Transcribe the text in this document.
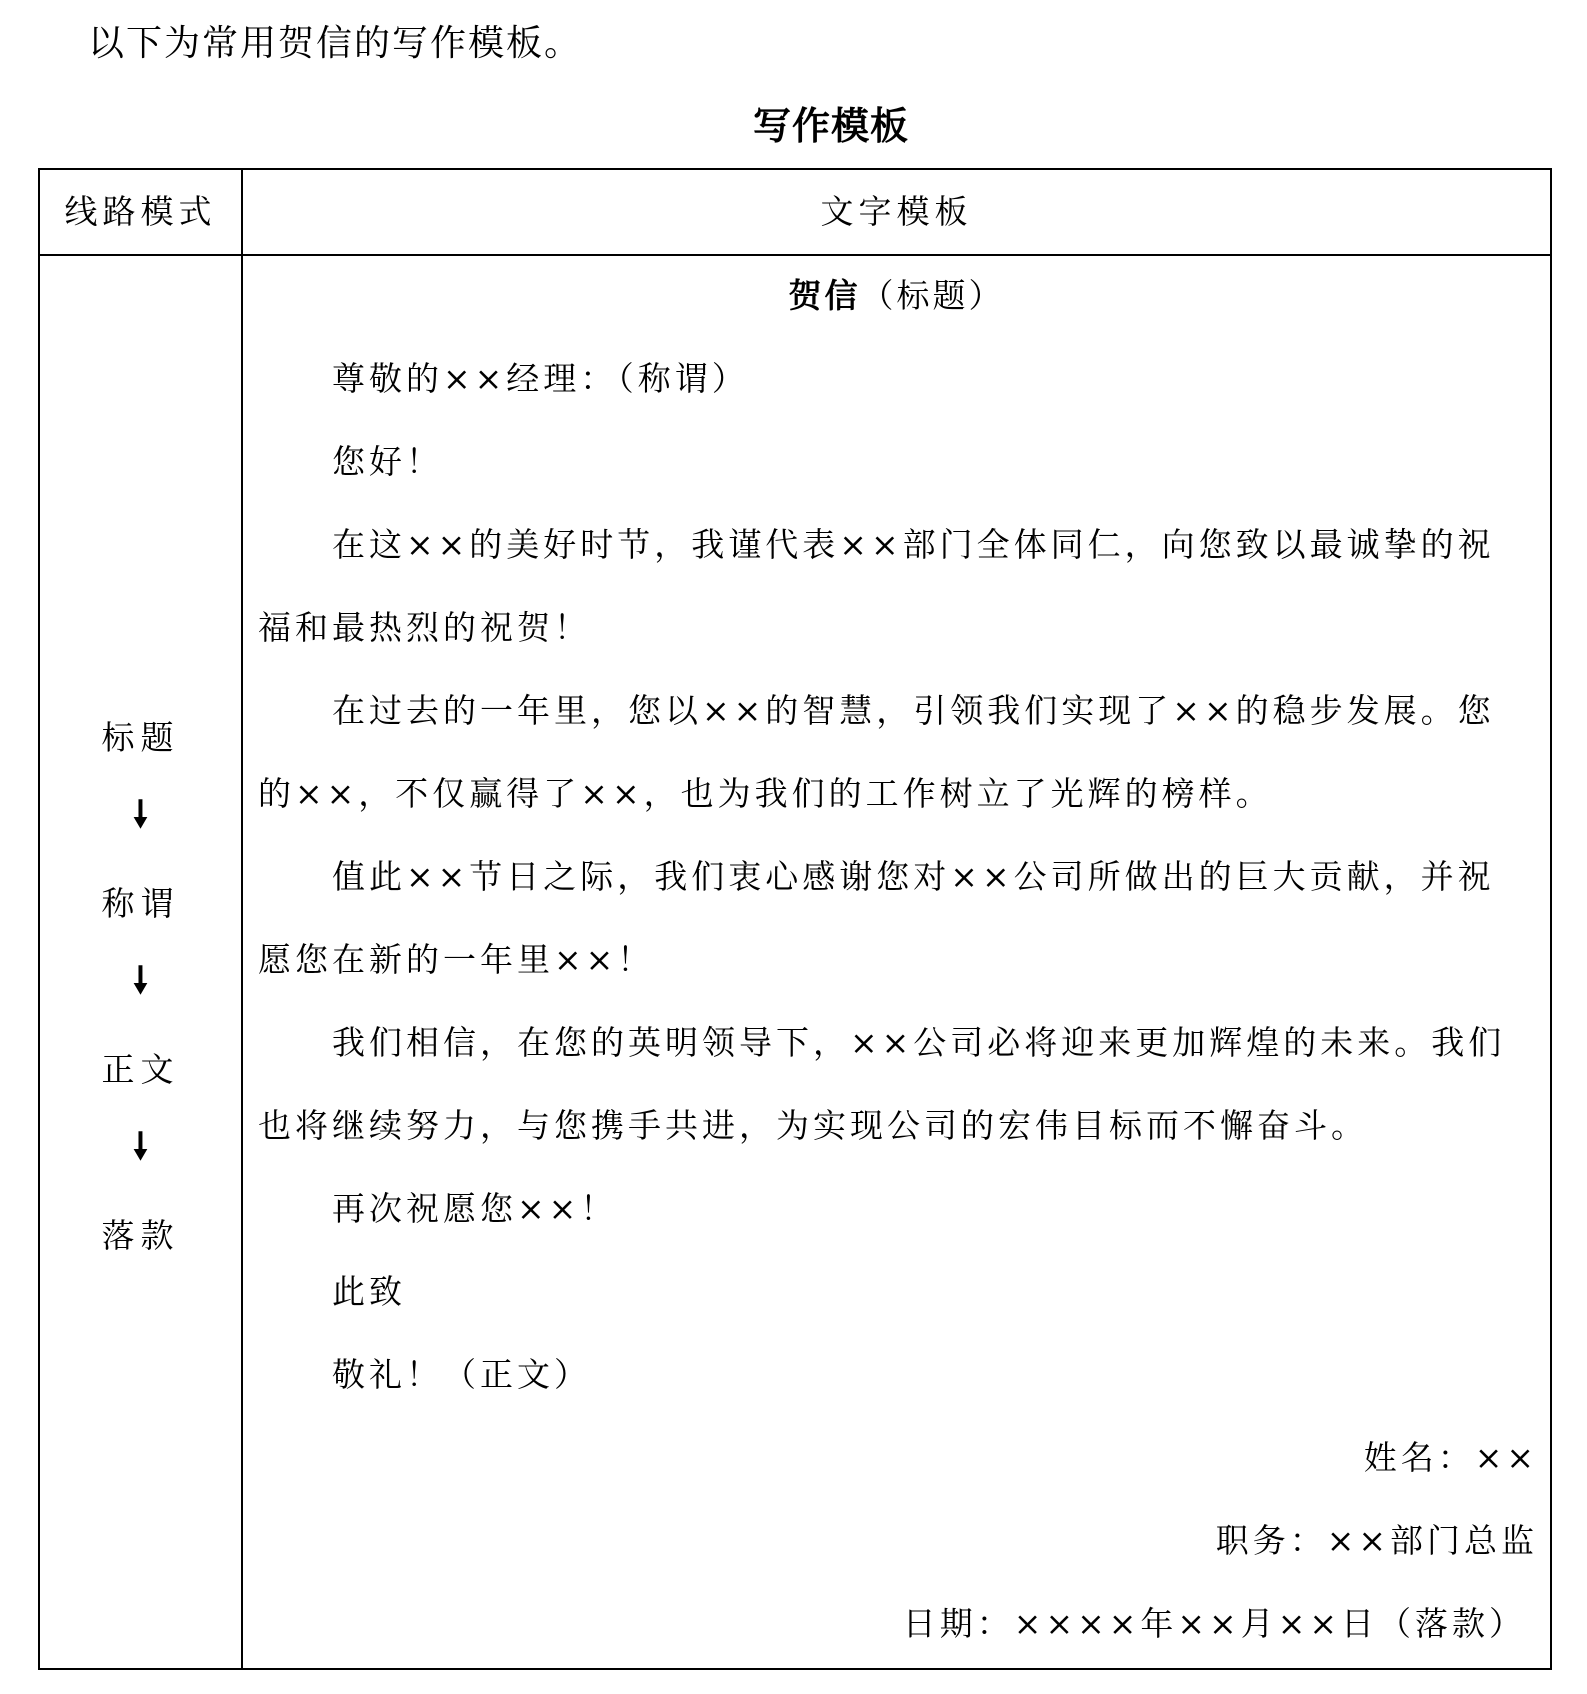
以下为常用贺信的写作模板。
写作模板
线路模式	文字模板
标题
🠗
称谓
🠗
正文
🠗
落款
贺信（标题）
尊敬的××经理：（称谓）
您好！
在这××的美好时节，我谨代表××部门全体同仁，向您致以最诚挚的祝
福和最热烈的祝贺！
在过去的一年里，您以××的智慧，引领我们实现了××的稳步发展。您
的××，不仅赢得了××，也为我们的工作树立了光辉的榜样。
值此××节日之际，我们衷心感谢您对××公司所做出的巨大贡献，并祝
愿您在新的一年里××！
我们相信，在您的英明领导下，××公司必将迎来更加辉煌的未来。我们
也将继续努力，与您携手共进，为实现公司的宏伟目标而不懈奋斗。
再次祝愿您××！
此致
敬礼！（正文）
姓名：××
职务：××部门总监
日期：××××年××月××日（落款）
